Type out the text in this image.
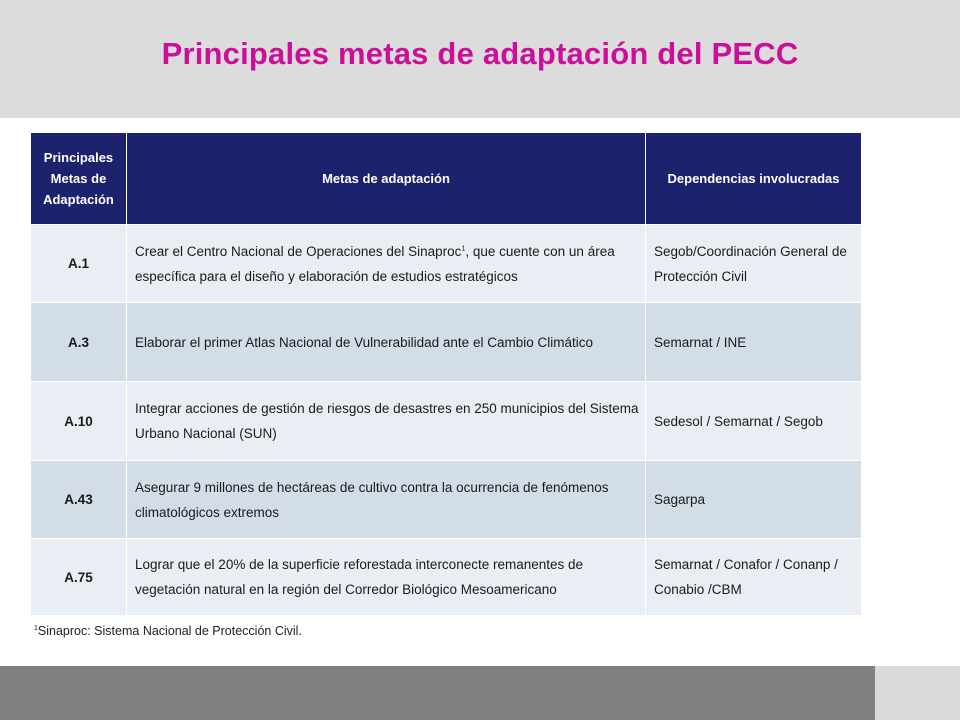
Principales metas de adaptación del PECC
Principales
Metas de
Adaptación	Metas de adaptación	Dependencias involucradas
A.1	Crear el Centro Nacional de Operaciones del Sinaproc$^1$, que cuente con un área específica para el diseño y elaboración de estudios estratégicos	Segob/Coordinación General de Protección Civil
A.3	Elaborar el primer Atlas Nacional de Vulnerabilidad ante el Cambio Climático	Semarnat / INE
A.10	Integrar acciones de gestión de riesgos de desastres en 250 municipios del Sistema Urbano Nacional (SUN)	Sedesol / Semarnat / Segob
A.43	Asegurar 9 millones de hectáreas de cultivo contra la ocurrencia de fenómenos climatológicos extremos	Sagarpa
A.75	Lograr que el 20% de la superficie reforestada interconecte remanentes de vegetación natural en la región del Corredor Biológico Mesoamericano	Semarnat / Conafor / Conanp / Conabio /CBM
$^1$Sinaproc: Sistema Nacional de Protección Civil.
